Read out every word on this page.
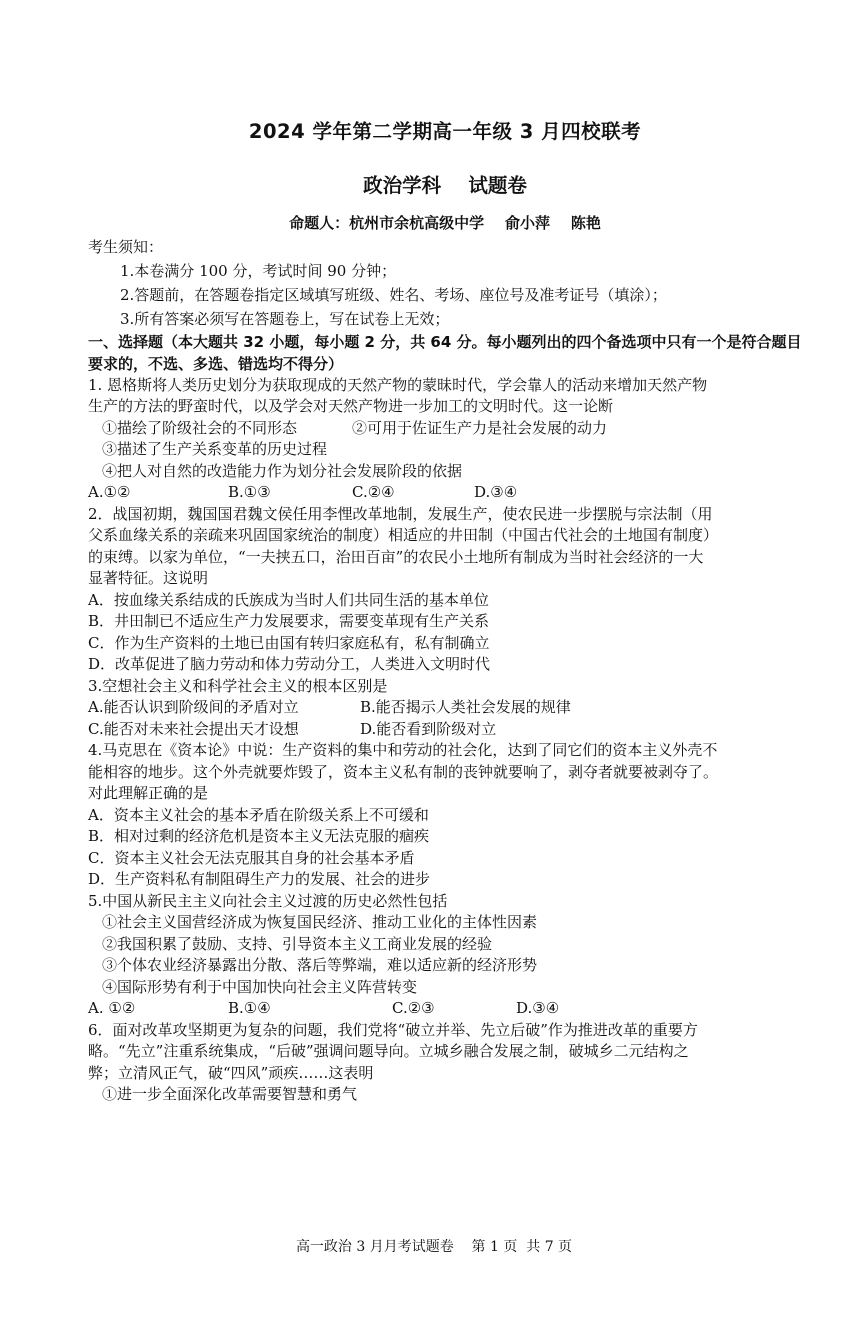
2024 学年第二学期高一年级 3 月四校联考
政治学科    试题卷
命题人：杭州市余杭高级中学    俞小萍    陈艳
考生须知：
1.本卷满分 100 分，考试时间 90 分钟；
2.答题前，在答题卷指定区域填写班级、姓名、考场、座位号及准考证号（填涂）；
3.所有答案必须写在答题卷上，写在试卷上无效；
一、选择题（本大题共 32 小题，每小题 2 分，共 64 分。每小题列出的四个备选项中只有一个是符合题目要求的，不选、多选、错选均不得分）
1. 恩格斯将人类历史划分为获取现成的天然产物的蒙昧时代，学会靠人的活动来增加天然产物
生产的方法的野蛮时代，以及学会对天然产物进一步加工的文明时代。这一论断
①描绘了阶级社会的不同形态	②可用于佐证生产力是社会发展的动力
③描述了生产关系变革的历史过程
④把人对自然的改造能力作为划分社会发展阶段的依据
A.①②	B.①③	C.②④	D.③④
2．战国初期，魏国国君魏文侯任用李悝改革地制，发展生产，使农民进一步摆脱与宗法制（用
父系血缘关系的亲疏来巩固国家统治的制度）相适应的井田制（中国古代社会的土地国有制度）
的束缚。以家为单位，“一夫挟五口，治田百亩”的农民小土地所有制成为当时社会经济的一大
显著特征。这说明
A．按血缘关系结成的氏族成为当时人们共同生活的基本单位
B．井田制已不适应生产力发展要求，需要变革现有生产关系
C．作为生产资料的土地已由国有转归家庭私有，私有制确立
D．改革促进了脑力劳动和体力劳动分工，人类进入文明时代
3.空想社会主义和科学社会主义的根本区别是
A.能否认识到阶级间的矛盾对立	B.能否揭示人类社会发展的规律
C.能否对未来社会提出天才设想	D.能否看到阶级对立
4.马克思在《资本论》中说：生产资料的集中和劳动的社会化，达到了同它们的资本主义外壳不
能相容的地步。这个外壳就要炸毁了，资本主义私有制的丧钟就要响了，剥夺者就要被剥夺了。
对此理解正确的是
A．资本主义社会的基本矛盾在阶级关系上不可缓和
B．相对过剩的经济危机是资本主义无法克服的痼疾
C．资本主义社会无法克服其自身的社会基本矛盾
D．生产资料私有制阻碍生产力的发展、社会的进步
5.中国从新民主主义向社会主义过渡的历史必然性包括
①社会主义国营经济成为恢复国民经济、推动工业化的主体性因素
②我国积累了鼓励、支持、引导资本主义工商业发展的经验
③个体农业经济暴露出分散、落后等弊端，难以适应新的经济形势
④国际形势有利于中国加快向社会主义阵营转变
A. ①②	B.①④	C.②③	D.③④
6．面对改革攻坚期更为复杂的问题，我们党将“破立并举、先立后破”作为推进改革的重要方
略。“先立”注重系统集成，“后破”强调问题导向。立城乡融合发展之制，破城乡二元结构之
弊；立清风正气，破“四风”顽疾……这表明
①进一步全面深化改革需要智慧和勇气
高一政治 3 月月考试题卷    第 1 页  共 7 页
